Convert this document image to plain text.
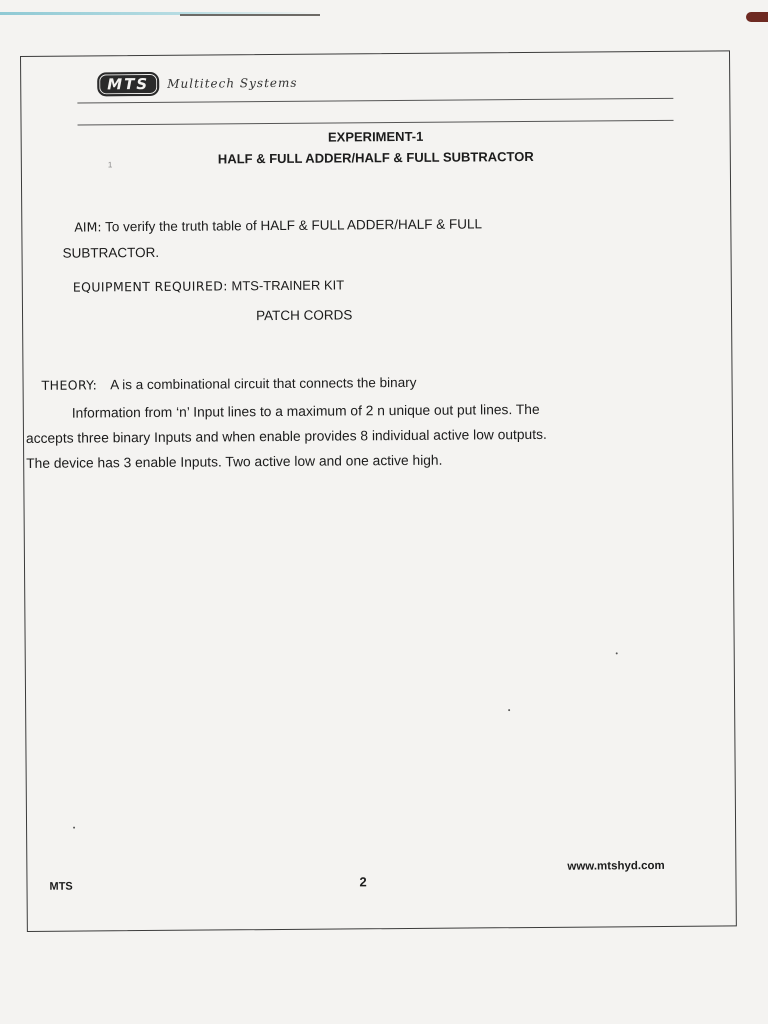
MTS	Multitech Systems
EXPERIMENT-1
HALF & FULL ADDER/HALF & FULL SUBTRACTOR
1
AIM: To verify the truth table of HALF & FULL ADDER/HALF & FULL
SUBTRACTOR.
EQUIPMENT REQUIRED: MTS-TRAINER KIT
PATCH CORDS
THEORY: A is a combinational circuit that connects the binary
Information from ‘n’ Input lines to a maximum of 2 n unique out put lines. The
accepts three binary Inputs and when enable provides 8 individual active low outputs.
The device has 3 enable Inputs. Two active low and one active high.
MTS	2
www.mtshyd.com
